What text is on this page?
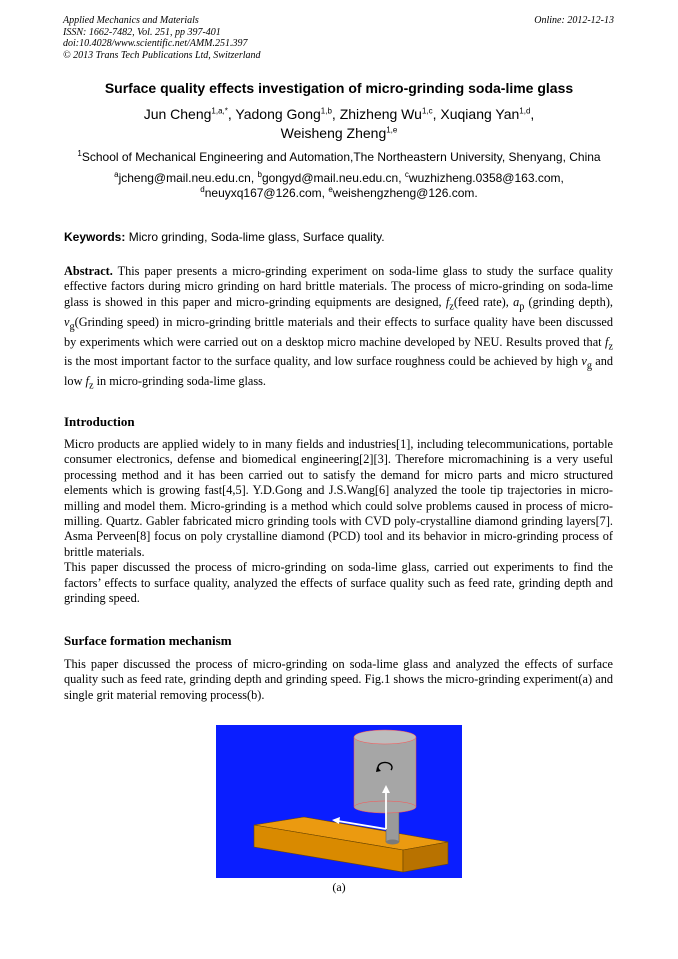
Applied Mechanics and Materials
ISSN: 1662-7482, Vol. 251, pp 397-401
doi:10.4028/www.scientific.net/AMM.251.397
© 2013 Trans Tech Publications Ltd, Switzerland
Online: 2012-12-13
Surface quality effects investigation of micro-grinding soda-lime glass
Jun Cheng$^{1,a,*}$, Yadong Gong$^{1,b}$, Zhizheng Wu$^{1,c}$, Xuqiang Yan$^{1,d}$,
Weisheng Zheng$^{1,e}$
$^1$School of Mechanical Engineering and Automation,The Northeastern University, Shenyang, China
$^a$jcheng@mail.neu.edu.cn, $^b$gongyd@mail.neu.edu.cn, $^c$wuzhizheng.0358@163.com,
$^d$neuyxq167@126.com, $^e$weishengzheng@126.com.
Keywords: Micro grinding, Soda-lime glass, Surface quality.
Abstract. This paper presents a micro-grinding experiment on soda-lime glass to study the surface quality effective factors during micro grinding on hard brittle materials. The process of micro-grinding on soda-lime glass is showed in this paper and micro-grinding equipments are designed, $f_z(feed$ rate), $a_p$ (grinding depth), $v_g(Grinding$ speed) in micro-grinding brittle materials and their effects to surface quality have been discussed by experiments which were carried out on a desktop micro machine developed by NEU. Results proved that $f_z$ is the most important factor to the surface quality, and low surface roughness could be achieved by high $v_g$ and low $f_z$ in micro-grinding soda-lime glass.
Introduction
Micro products are applied widely to in many fields and industries[1], including telecommunications, portable consumer electronics, defense and biomedical engineering[2][3]. Therefore micromachining is a very useful processing method and it has been carried out to satisfy the demand for micro parts and micro structured elements which is growing fast[4,5]. Y.D.Gong and J.S.Wang[6] analyzed the toole tip trajectories in micro-milling and model them. Micro-grinding is a method which could solve problems caused in process of micro-milling. Quartz. Gabler fabricated micro grinding tools with CVD poly-crystalline diamond grinding layers[7]. Asma Perveen[8] focus on poly crystalline diamond (PCD) tool and its behavior in micro-grinding process of brittle materials.
This paper discussed the process of micro-grinding on soda-lime glass, carried out experiments to find the factors’ effects to surface quality, analyzed the effects of surface quality such as feed rate, grinding depth and grinding speed.
Surface formation mechanism
This paper discussed the process of micro-grinding on soda-lime glass and analyzed the effects of surface quality such as feed rate, grinding depth and grinding speed. Fig.1 shows the micro-grinding experiment(a) and single grit material removing process(b).
(a)
